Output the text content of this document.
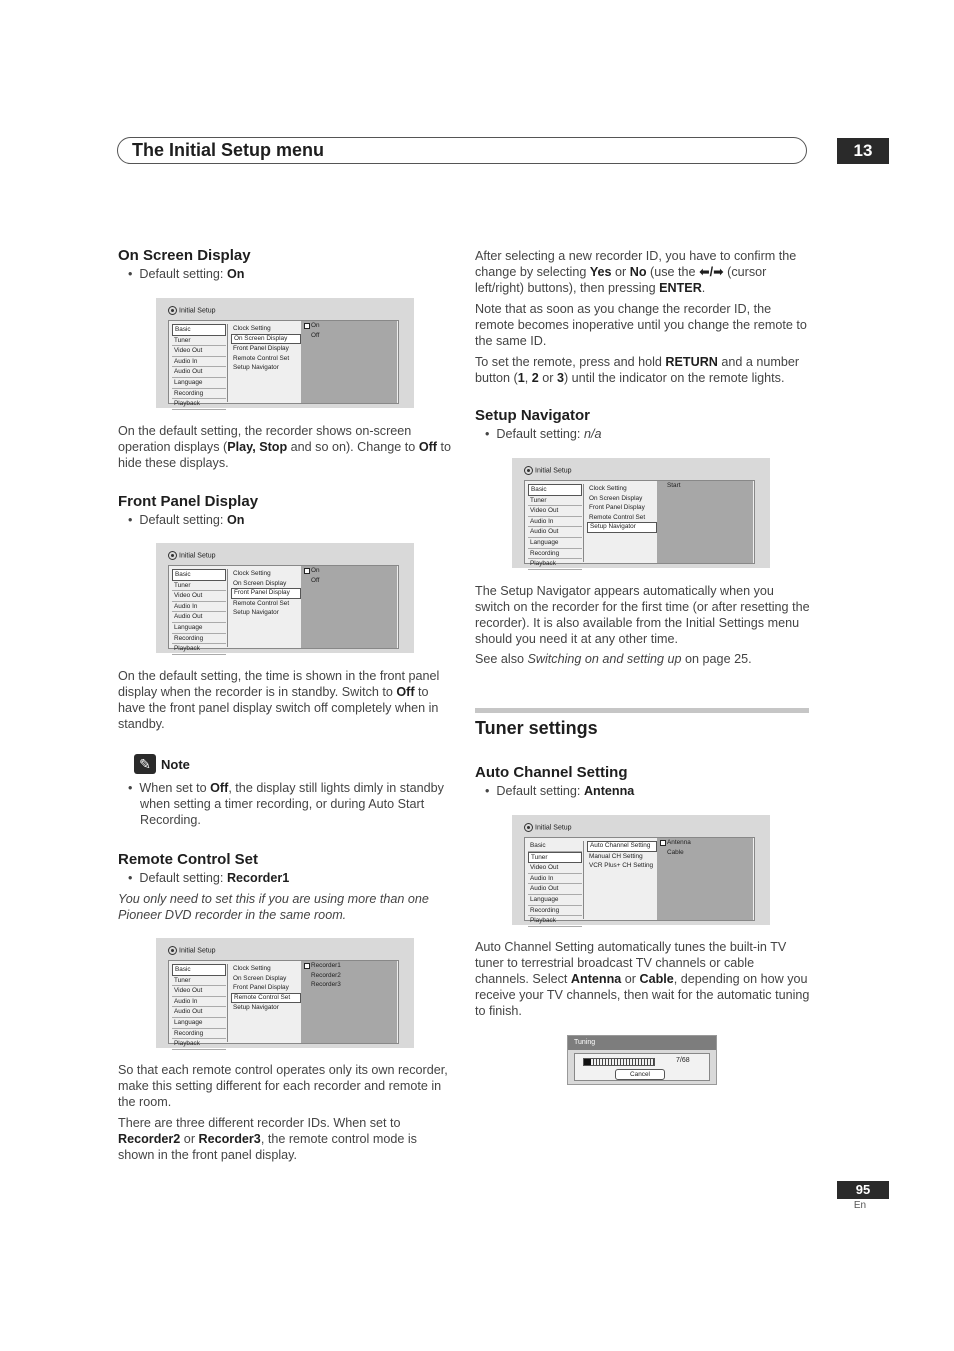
The Initial Setup menu	13
On Screen Display
•  Default setting: On
Initial Setup
Basic
Tuner
Video Out
Audio In
Audio Out
Language
Recording
Playback
Clock Setting
On Screen Display
Front Panel Display
Remote Control Set
Setup Navigator
On
Off

On the default setting, the recorder shows on-screen operation displays (Play, Stop and so on). Change to Off to hide these displays.

Front Panel Display
•  Default setting: On
Initial Setup
Basic
Tuner
Video Out
Audio In
Audio Out
Language
Recording
Playback
Clock Setting
On Screen Display
Front Panel Display
Remote Control Set
Setup Navigator
On
Off

On the default setting, the time is shown in the front panel display when the recorder is in standby. Switch to Off to have the front panel display switch off completely when in standby.

✎ Note
•  When set to Off, the display still lights dimly in standby when setting a timer recording, or during Auto Start Recording.
Remote Control Set
•  Default setting: Recorder1

You only need to set this if you are using more than one Pioneer DVD recorder in the same room.

Initial Setup
Basic
Tuner
Video Out
Audio In
Audio Out
Language
Recording
Playback
Clock Setting
On Screen Display
Front Panel Display
Remote Control Set
Setup Navigator
Recorder1
Recorder2
Recorder3

So that each remote control operates only its own recorder, make this setting different for each recorder and remote in the room.

There are three different recorder IDs. When set to Recorder2 or Recorder3, the remote control mode is shown in the front panel display.

After selecting a new recorder ID, you have to confirm the change by selecting Yes or No (use the ⬅/➡ (cursor left/right) buttons), then pressing ENTER.

Note that as soon as you change the recorder ID, the remote becomes inoperative until you change the remote to the same ID.

To set the remote, press and hold RETURN and a number button (1, 2 or 3) until the indicator on the remote lights.

Setup Navigator
•  Default setting: n/a
Initial Setup
Basic
Tuner
Video Out
Audio In
Audio Out
Language
Recording
Playback
Clock Setting
On Screen Display
Front Panel Display
Remote Control Set
Setup Navigator
Start

The Setup Navigator appears automatically when you switch on the recorder for the first time (or after resetting the recorder). It is also available from the Initial Settings menu should you need it at any other time.

See also Switching on and setting up on page 25.

Tuner settings
Auto Channel Setting
•  Default setting: Antenna
Initial Setup
Basic
Tuner
Video Out
Audio In
Audio Out
Language
Recording
Playback
Auto Channel Setting
Manual CH Setting
VCR Plus+ CH Setting
Antenna
Cable

Auto Channel Setting automatically tunes the built-in TV tuner to terrestrial broadcast TV channels or cable channels. Select Antenna or Cable, depending on how you receive your TV channels, then wait for the automatic tuning to finish.

Tuning
7/68
Cancel
95
En
